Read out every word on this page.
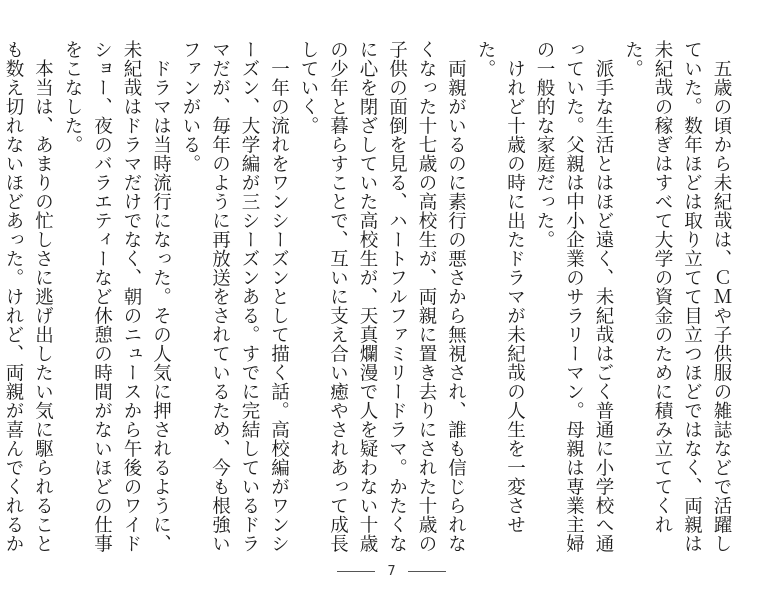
五歳の頃から未紀哉は、ＣＭや子供服の雑誌などで活躍していた。数年ほどは取り立てて目立つほどではなく、両親は未紀哉の稼ぎはすべて大学の資金のために積み立ててくれた。

派手な生活とはほど遠く、未紀哉はごく普通に小学校へ通っていた。父親は中小企業のサラリーマン。母親は専業主婦の一般的な家庭だった。

けれど十歳の時に出たドラマが未紀哉の人生を一変させた。

両親がいるのに素行の悪さから無視され、誰も信じられなくなった十七歳の高校生が、両親に置き去りにされた十歳の子供の面倒を見る、ハートフルファミリードラマ。かたくなに心を閉ざしていた高校生が、天真爛漫で人を疑わない十歳の少年と暮らすことで、互いに支え合い癒やされあって成長していく。

一年の流れをワンシーズンとして描く話。高校編がワンシーズン、大学編が三シーズンある。すでに完結しているドラマだが、毎年のように再放送をされているため、今も根強いファンがいる。

ドラマは当時流行になった。その人気に押されるように、未紀哉はドラマだけでなく、朝のニュースから午後のワイドショー、夜のバラエティーなど休憩の時間がないほどの仕事をこなした。

本当は、あまりの忙しさに逃げ出したい気に駆られることも数え切れないほどあった。けれど、両親が喜んでくれるか

7
